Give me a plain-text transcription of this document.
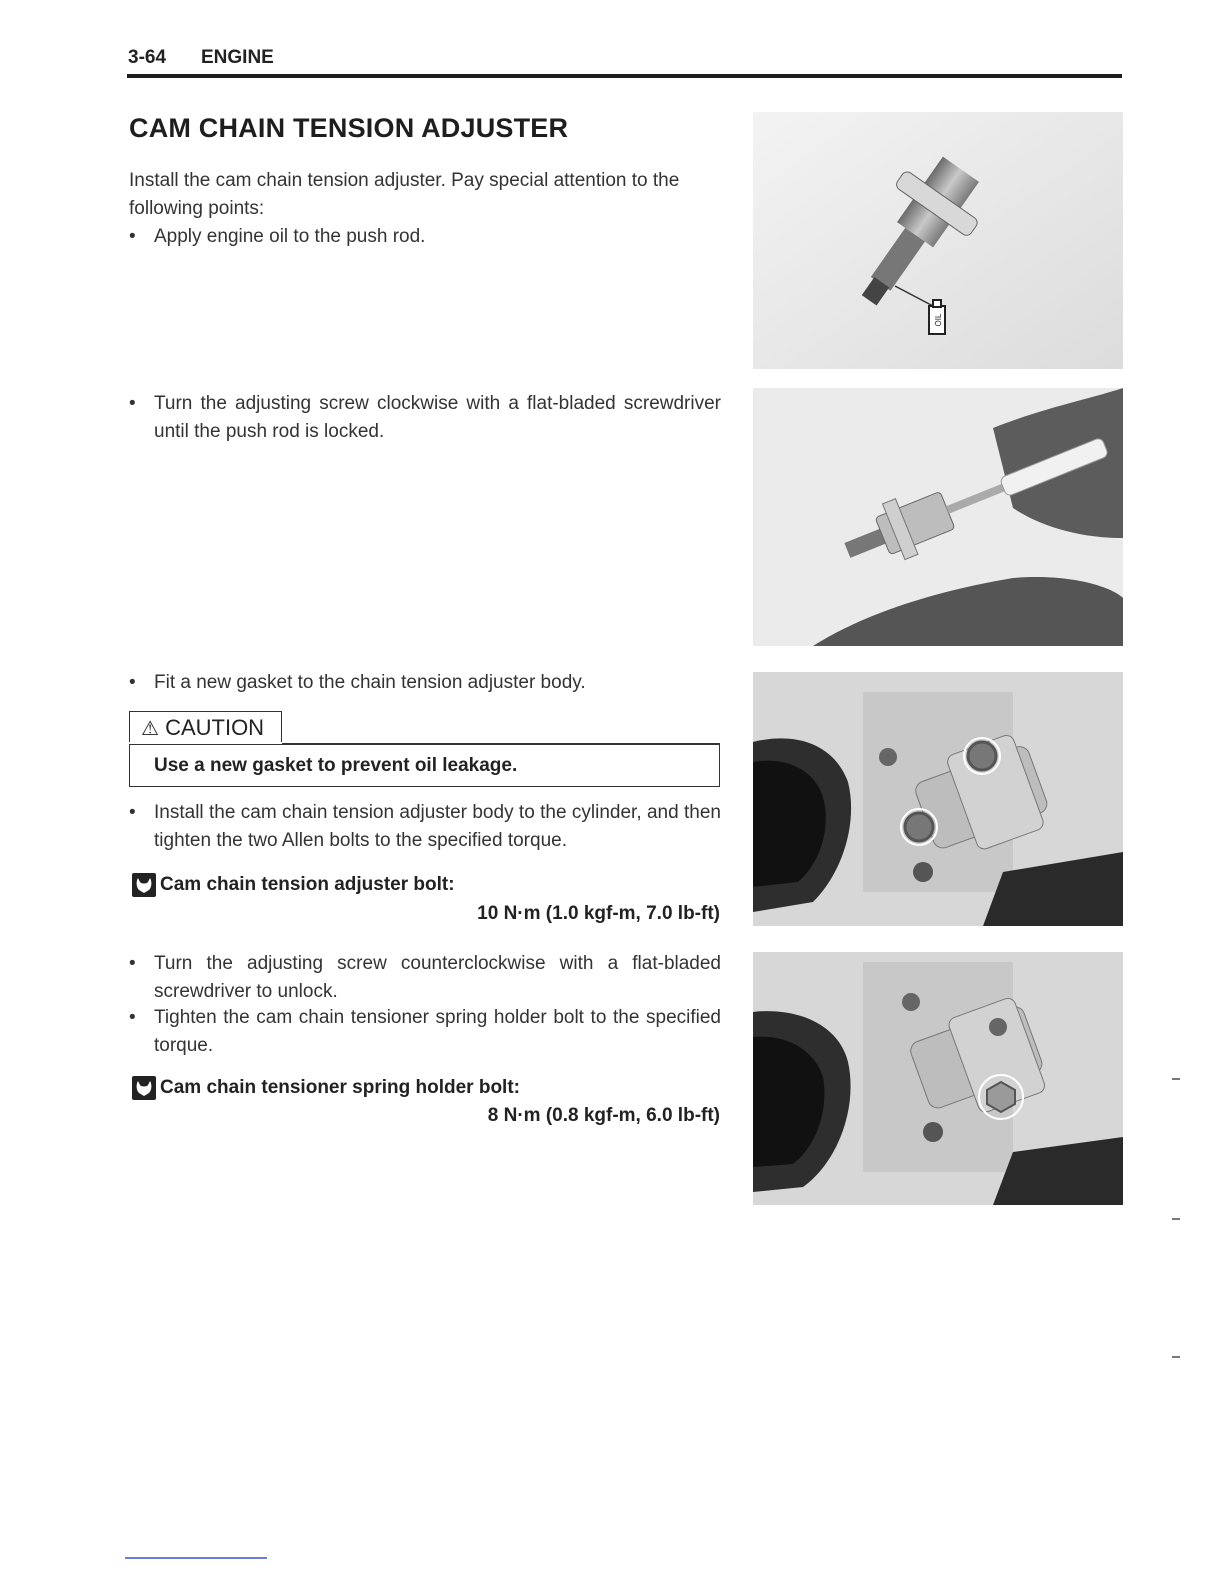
3-64 ENGINE
CAM CHAIN TENSION ADJUSTER
Install the cam chain tension adjuster. Pay special attention to the following points:
• Apply engine oil to the push rod.
• Turn the adjusting screw clockwise with a flat-bladed screwdriver until the push rod is locked.
• Fit a new gasket to the chain tension adjuster body.
⚠ CAUTION
Use a new gasket to prevent oil leakage.
• Install the cam chain tension adjuster body to the cylinder, and then tighten the two Allen bolts to the specified torque.
Cam chain tension adjuster bolt:
10 N·m (1.0 kgf-m, 7.0 lb-ft)
• Turn the adjusting screw counterclockwise with a flat-bladed screwdriver to unlock.
• Tighten the cam chain tensioner spring holder bolt to the specified torque.
Cam chain tensioner spring holder bolt:
8 N·m (0.8 kgf-m, 6.0 lb-ft)
OIL
